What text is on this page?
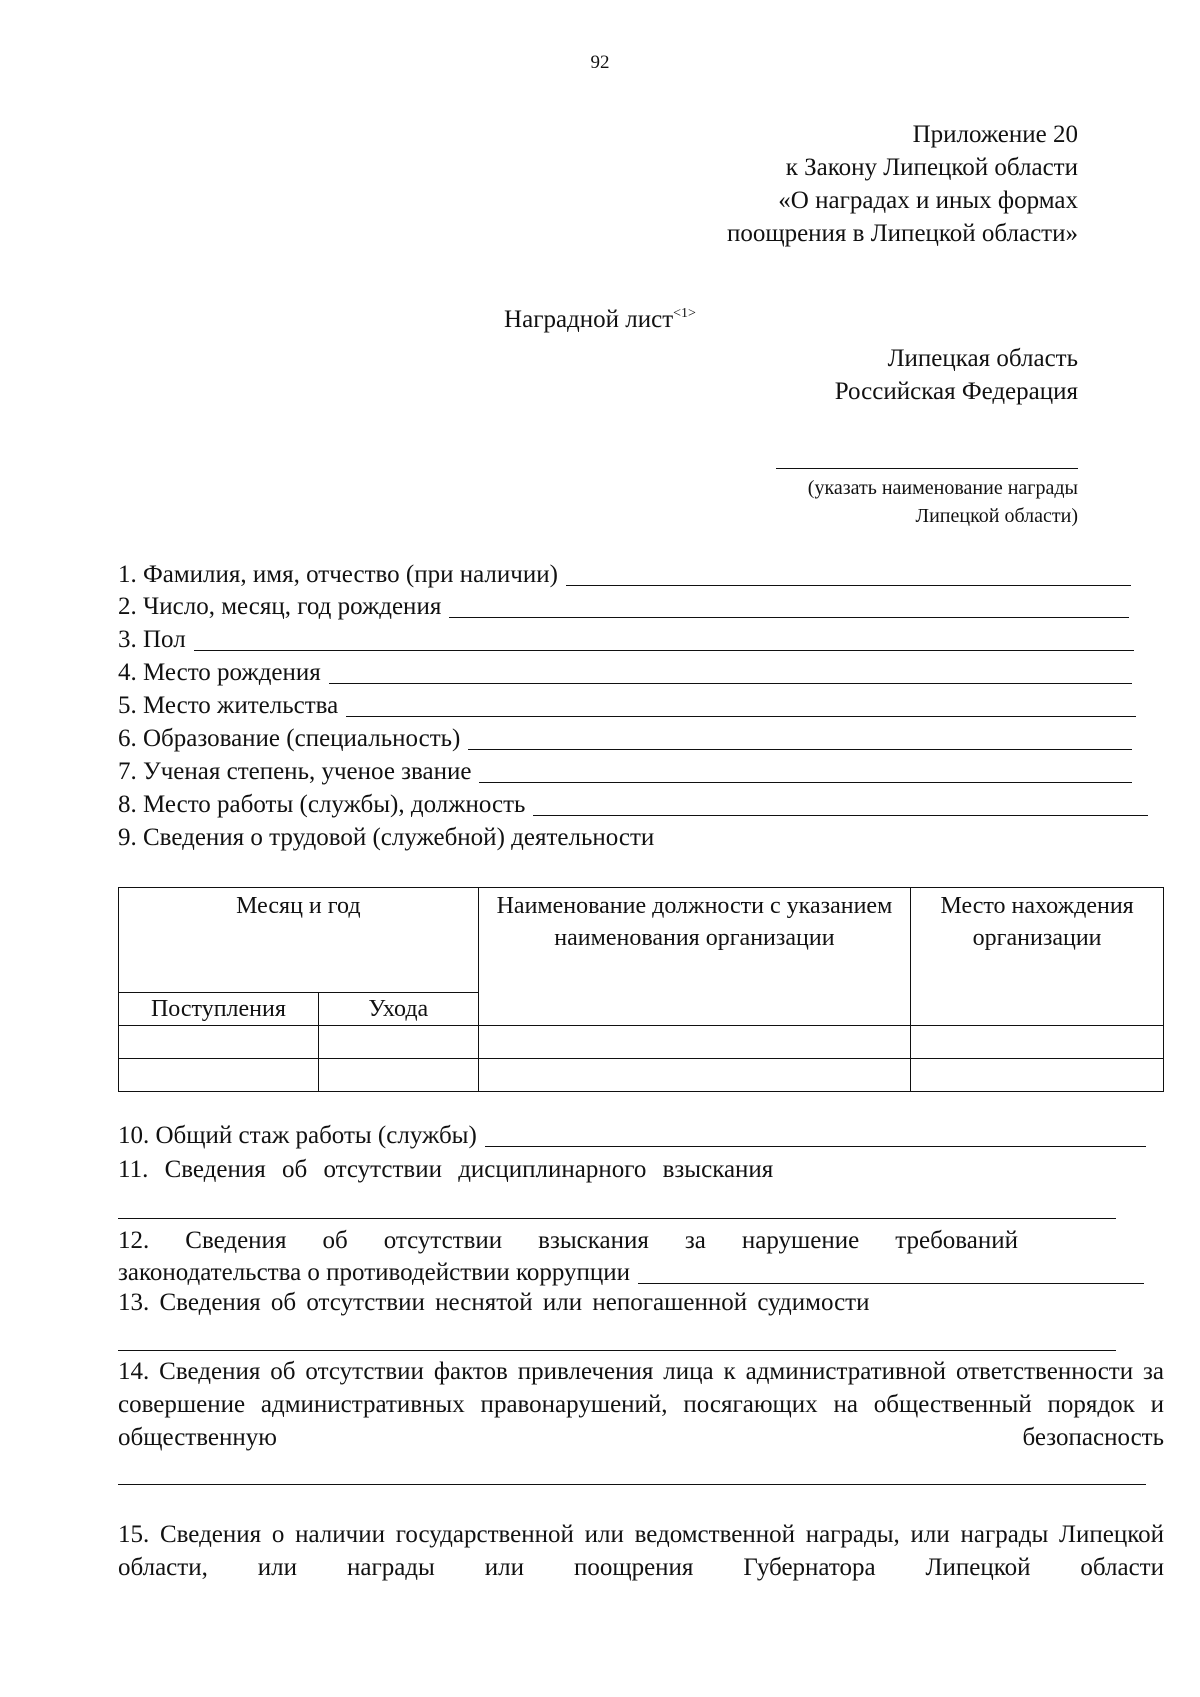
92
Приложение 20
к Закону Липецкой области
«О наградах и иных формах
поощрения в Липецкой области»
Наградной лист$^{<1>}$
Липецкая область
Российская Федерация
(указать наименование награды
Липецкой области)
1. Фамилия, имя, отчество (при наличии)
2. Число, месяц, год рождения
3. Пол
4. Место рождения
5. Место жительства
6. Образование (специальность)
7. Ученая степень, ученое звание
8. Место работы (службы), должность
9. Сведения о трудовой (служебной) деятельности
Месяц и год		Наименование должности с указанием наименования организации	Место нахождения организации
Поступления	Ухода		

10. Общий стаж работы (службы)
11. Сведения об отсутствии дисциплинарного взыскания
12. Сведения об отсутствии взыскания за нарушение требований
законодательства о противодействии коррупции
13. Сведения об отсутствии неснятой или непогашенной судимости
14. Сведения об отсутствии фактов привлечения лица к административной ответственности за совершение административных правонарушений, посягающих на общественный порядок и общественную безопасность
15. Сведения о наличии государственной или ведомственной награды, или награды Липецкой области, или награды или поощрения Губернатора Липецкой области
